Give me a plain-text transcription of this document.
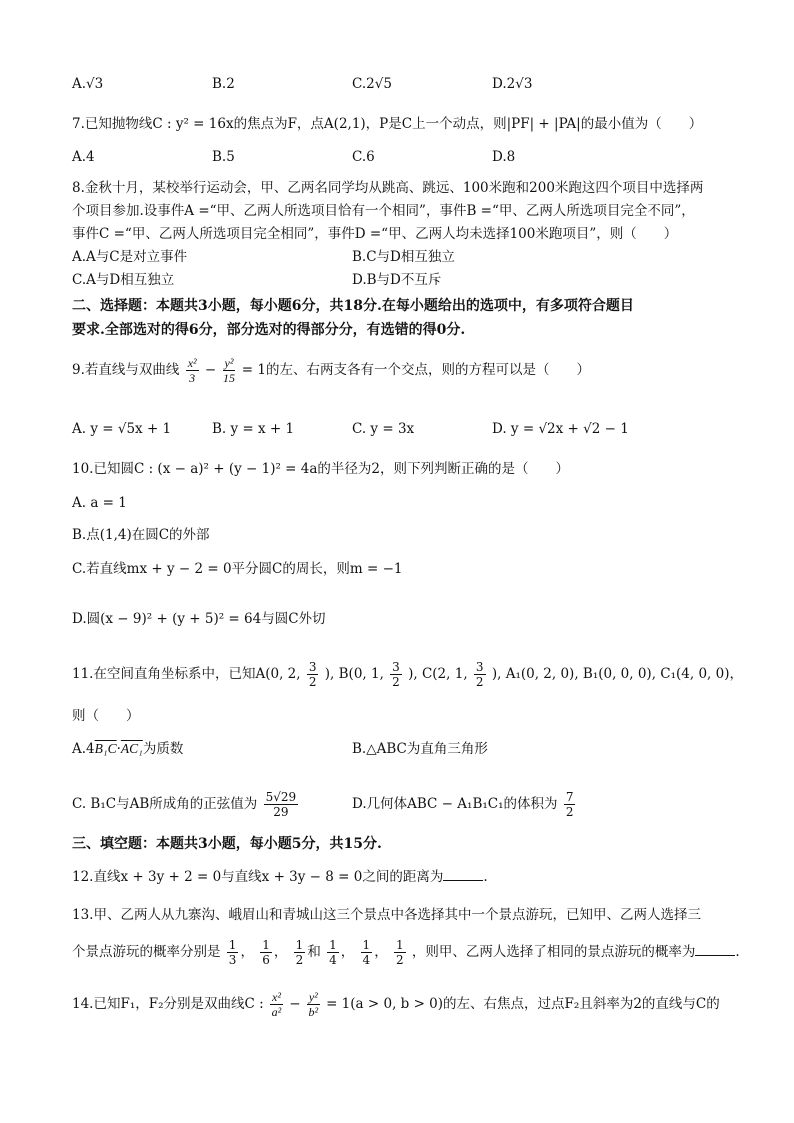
A.√3	B.2	C.2√5	D.2√3
7.已知抛物线C : y² = 16x的焦点为F，点A(2,1)，P是C上一个动点，则|PF| + |PA|的最小值为（　　）
A.4	B.5	C.6	D.8
8.金秋十月，某校举行运动会，甲、乙两名同学均从跳高、跳远、100米跑和200米跑这四个项目中选择两
个项目参加.设事件A =“甲、乙两人所选项目恰有一个相同”，事件B =“甲、乙两人所选项目完全不同”，
事件C =“甲、乙两人所选项目完全相同”，事件D =“甲、乙两人均未选择100米跑项目”，则（　　）
A.A与C是对立事件	B.C与D相互独立
C.A与D相互独立	D.B与D不互斥
二、选择题：本题共3小题，每小题6分，共18分.在每小题给出的选项中，有多项符合题目
要求.全部选对的得6分，部分选对的得部分分，有选错的得0分.
9.若直线与双曲线 $\frac{\text{x²}}{3} - \frac{\text{y²}}{15} = 1$的左、右两支各有一个交点，则的方程可以是（　　）
A. y = √5x + 1	B. y = x + 1	C. y = 3x	D. y = √2x + √2 − 1
10.已知圆C : (x − a)² + (y − 1)² = 4a的半径为2，则下列判断正确的是（　　）
A. a = 1
B.点(1,4)在圆C的外部
C.若直线mx + y − 2 = 0平分圆C的周长，则m = −1
D.圆(x − 9)² + (y + 5)² = 64与圆C外切
11.在空间直角坐标系中，已知A(0, 2, $\frac{3}{2}$ ), B(0, 1, $\frac{3}{2}$ ), C(2, 1, $\frac{3}{2}$ ), A₁(0, 2, 0), B₁(0, 0, 0), C₁(4, 0, 0)，
则（　　）
A.4B₁C·AC₁为质数	B.△ABC为直角三角形
C. B₁C与AB所成角的正弦值为 $\frac{5√29}{29}$	D.几何体ABC − A₁B₁C₁的体积为 $\frac{7}{2}$
三、填空题：本题共3小题，每小题5分，共15分.
12.直线x + 3y + 2 = 0与直线x + 3y − 8 = 0之间的距离为	.
13.甲、乙两人从九寨沟、峨眉山和青城山这三个景点中各选择其中一个景点游玩，已知甲、乙两人选择三
个景点游玩的概率分别是 $\frac{1}{3}$ ， $\frac{1}{6}$ ， $\frac{1}{2}$ 和 $\frac{1}{4}$ ， $\frac{1}{4}$ ， $\frac{1}{2}$ ，则甲、乙两人选择了相同的景点游玩的概率为	.
14.已知F₁，F₂分别是双曲线C : $\frac{\text{x²}}{\text{a²}} - \frac{\text{y²}}{\text{b²}} = 1(a > 0$, b > 0)的左、右焦点，过点F₂且斜率为2的直线与C的
